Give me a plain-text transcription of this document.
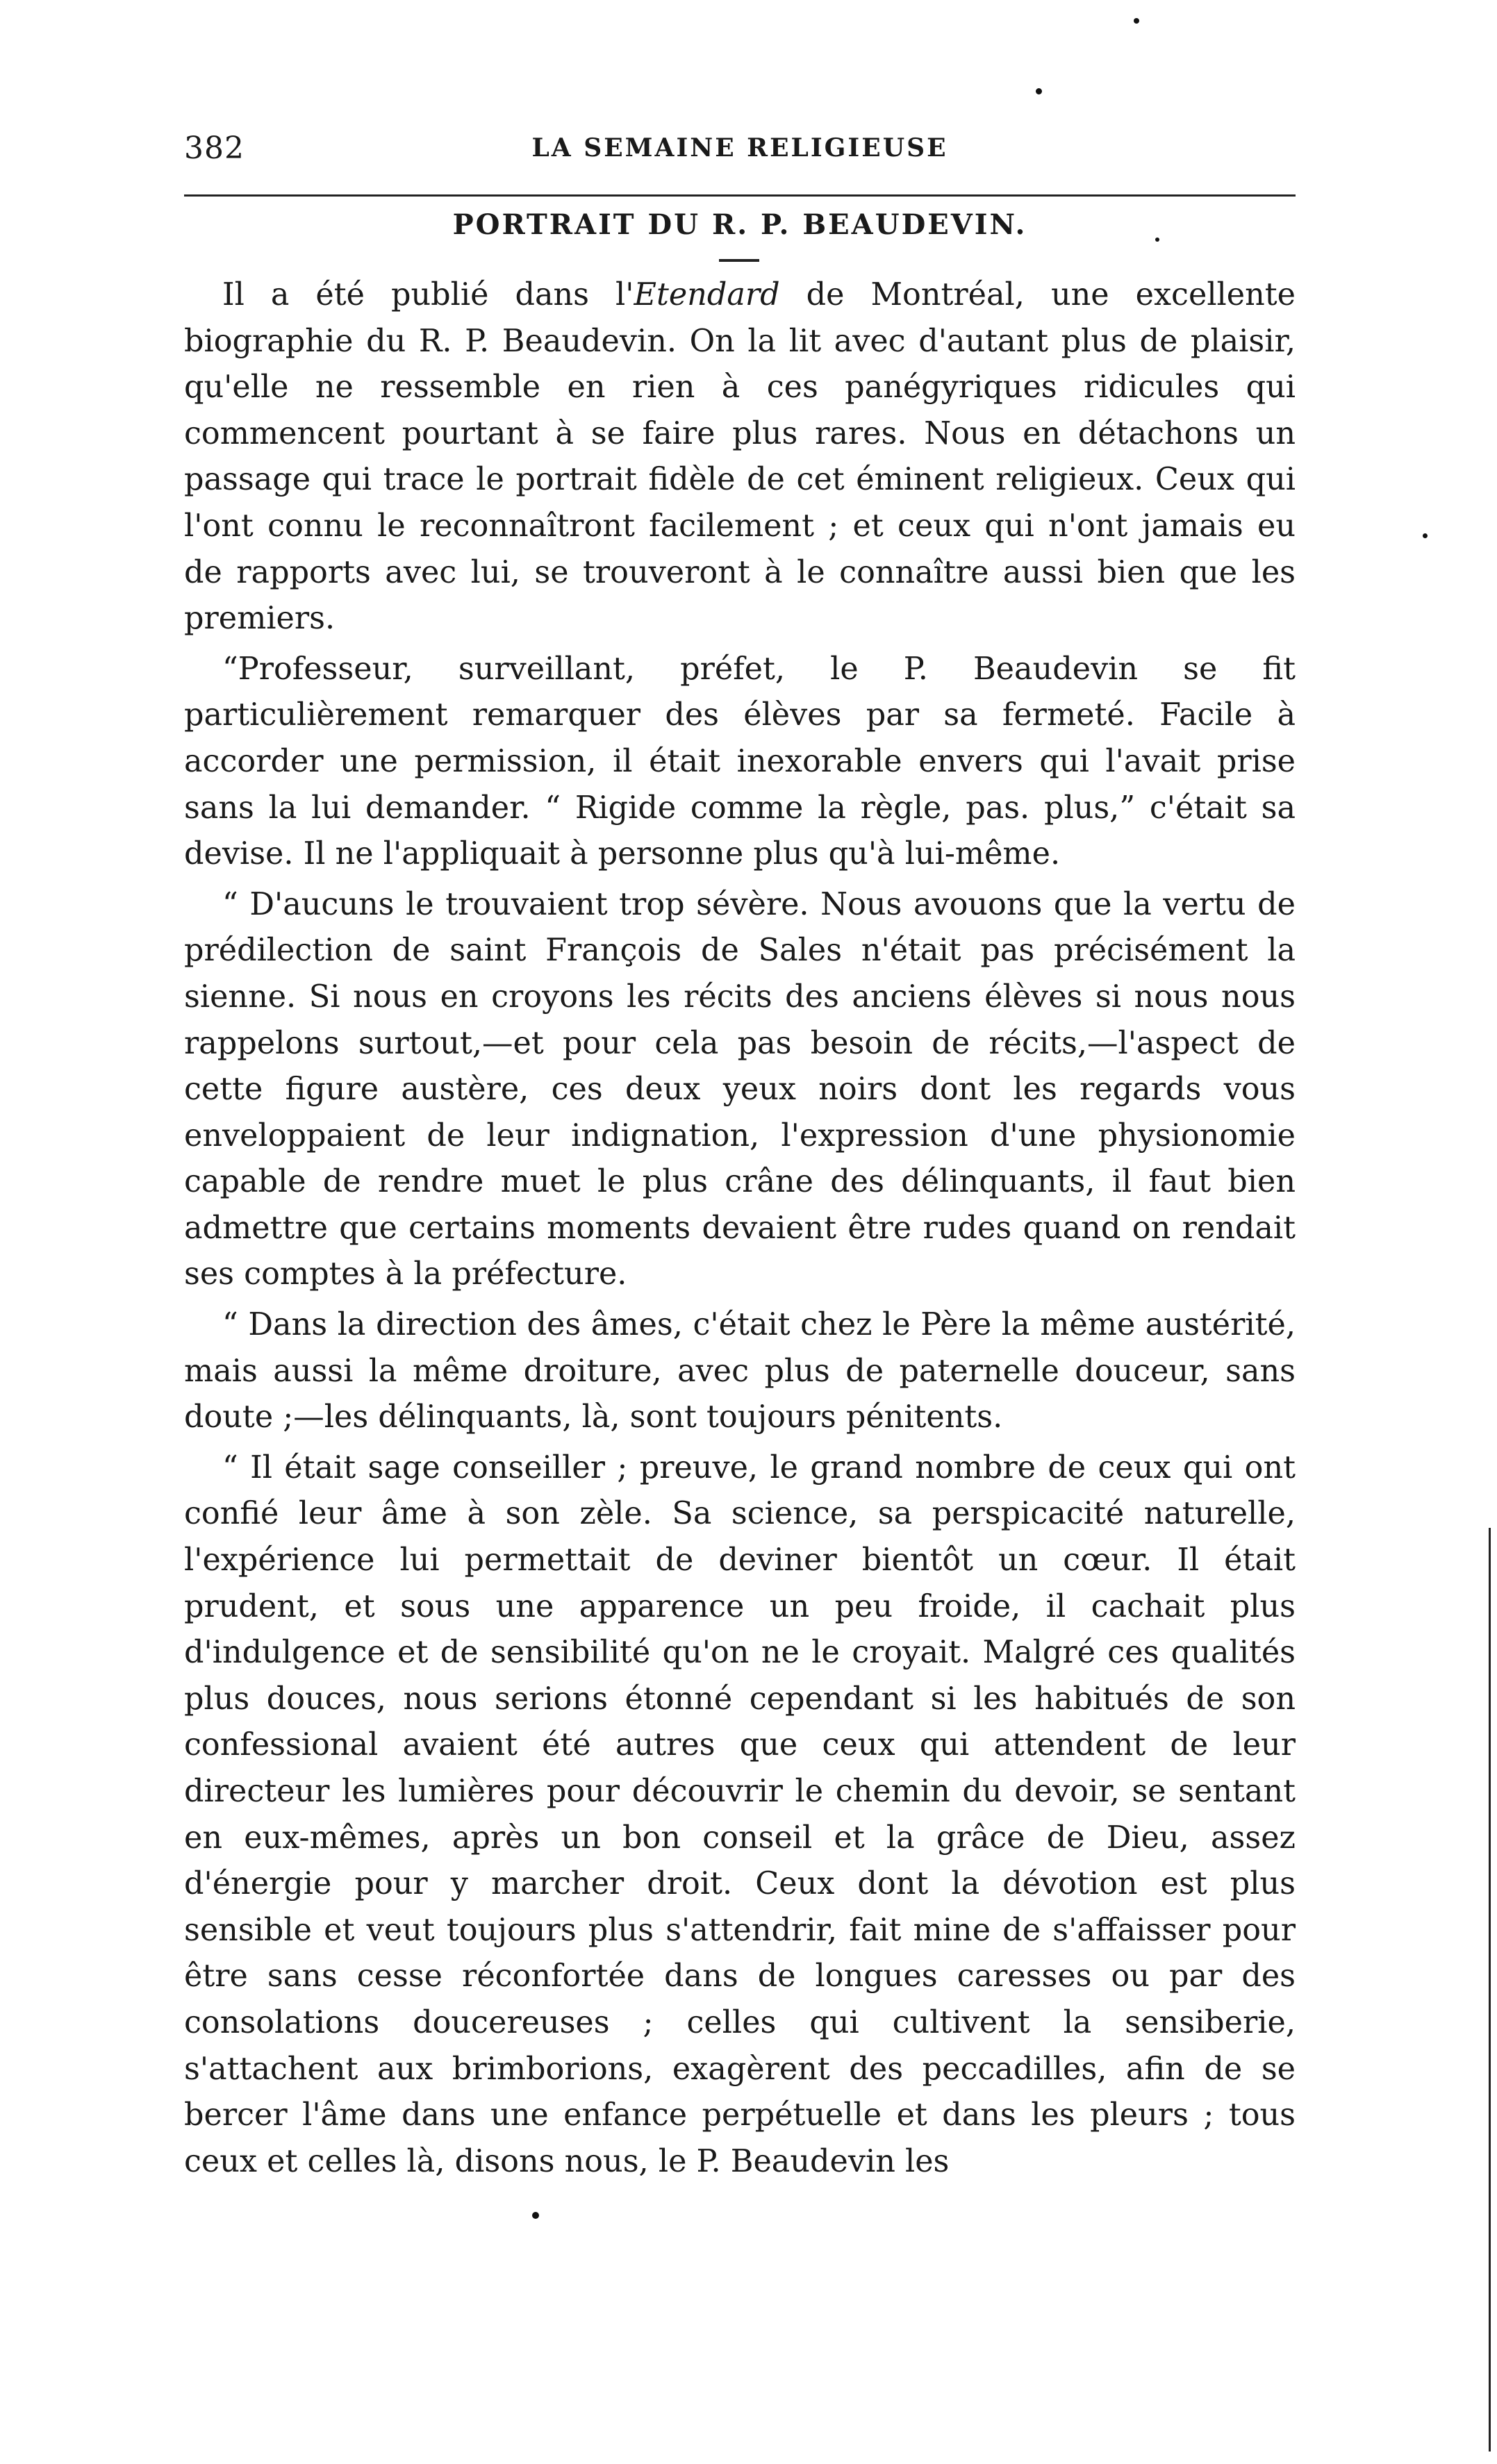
382	LA SEMAINE RELIGIEUSE
PORTRAIT DU R. P. BEAUDEVIN.

Il a été publié dans l'Etendard de Montréal, une excellente biographie du R. P. Beaudevin. On la lit avec d'autant plus de plaisir, qu'elle ne ressemble en rien à ces panégyriques ridicules qui commencent pourtant à se faire plus rares. Nous en détachons un passage qui trace le portrait fidèle de cet éminent religieux. Ceux qui l'ont connu le reconnaîtront facilement ; et ceux qui n'ont jamais eu de rapports avec lui, se trouveront à le connaître aussi bien que les premiers.

“Professeur, surveillant, préfet, le P. Beaudevin se fit particulièrement remarquer des élèves par sa fermeté. Facile à accorder une permission, il était inexorable envers qui l'avait prise sans la lui demander. “ Rigide comme la règle, pas. plus,” c'était sa devise. Il ne l'appliquait à personne plus qu'à lui-même.

“ D'aucuns le trouvaient trop sévère. Nous avouons que la vertu de prédilection de saint François de Sales n'était pas précisément la sienne. Si nous en croyons les récits des anciens élèves si nous nous rappelons surtout,—et pour cela pas besoin de récits,—l'aspect de cette figure austère, ces deux yeux noirs dont les regards vous enveloppaient de leur indignation, l'expression d'une physionomie capable de rendre muet le plus crâne des délinquants, il faut bien admettre que certains moments devaient être rudes quand on rendait ses comptes à la préfecture.

“ Dans la direction des âmes, c'était chez le Père la même austérité, mais aussi la même droiture, avec plus de paternelle douceur, sans doute ;—les délinquants, là, sont toujours pénitents.

“ Il était sage conseiller ; preuve, le grand nombre de ceux qui ont confié leur âme à son zèle. Sa science, sa perspicacité naturelle, l'expérience lui permettait de deviner bientôt un cœur. Il était prudent, et sous une apparence un peu froide, il cachait plus d'indulgence et de sensibilité qu'on ne le croyait. Malgré ces qualités plus douces, nous serions étonné cependant si les habitués de son confessional avaient été autres que ceux qui attendent de leur directeur les lumières pour découvrir le chemin du devoir, se sentant en eux-mêmes, après un bon conseil et la grâce de Dieu, assez d'énergie pour y marcher droit. Ceux dont la dévotion est plus sensible et veut toujours plus s'attendrir, fait mine de s'affaisser pour être sans cesse réconfortée dans de longues caresses ou par des consolations doucereuses ; celles qui cultivent la sensiberie, s'attachent aux brimborions, exagèrent des peccadilles, afin de se bercer l'âme dans une enfance perpétuelle et dans les pleurs ; tous ceux et celles là, disons nous, le P. Beaudevin les
